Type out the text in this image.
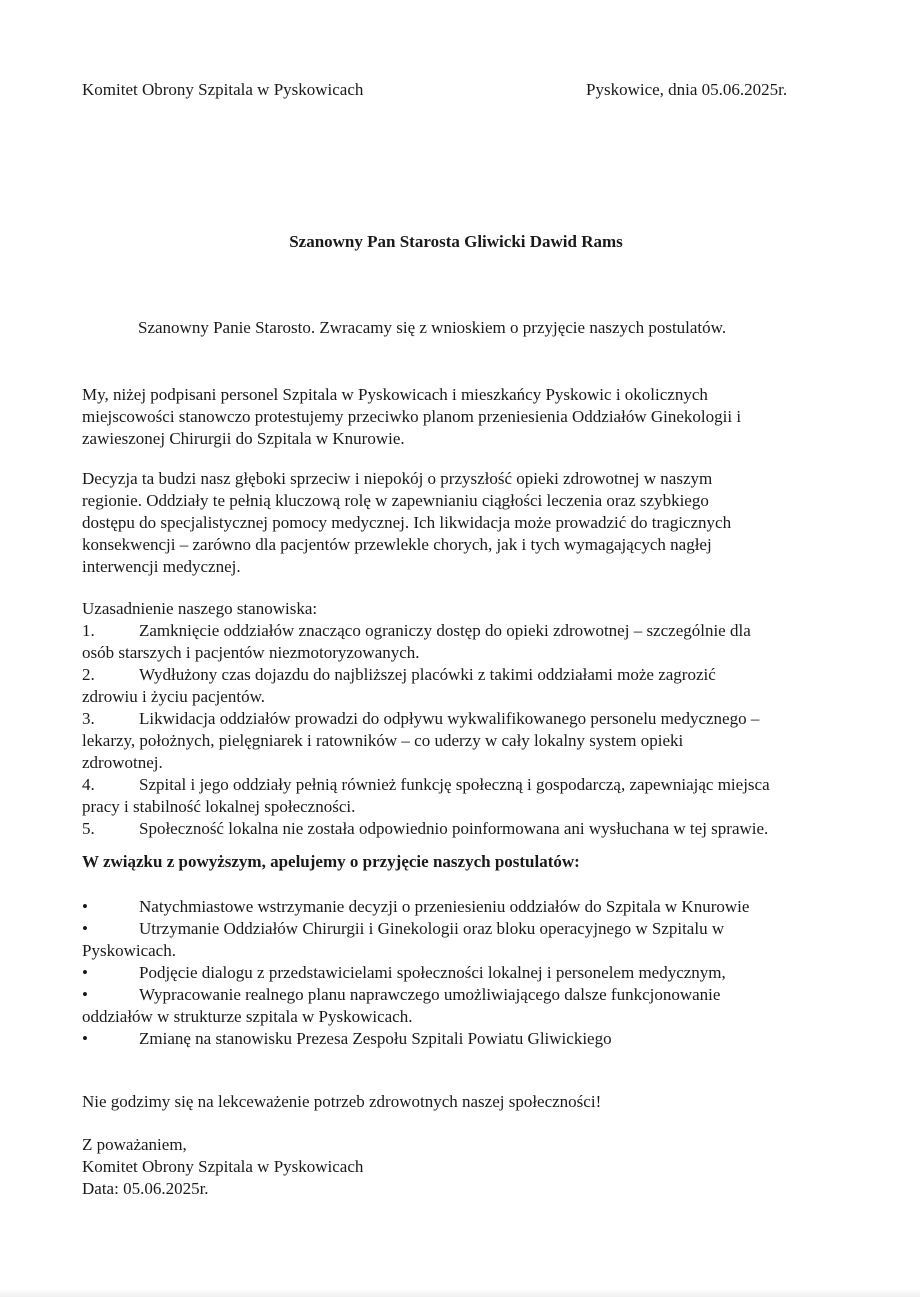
Komitet Obrony Szpitala w Pyskowicach	Pyskowice, dnia 05.06.2025r.
Szanowny Pan Starosta Gliwicki Dawid Rams
Szanowny Panie Starosto. Zwracamy się z wnioskiem o przyjęcie naszych postulatów.
My, niżej podpisani personel Szpitala w Pyskowicach i mieszkańcy Pyskowic i okolicznych
miejscowości stanowczo protestujemy przeciwko planom przeniesienia Oddziałów Ginekologii i
zawieszonej Chirurgii do Szpitala w Knurowie.
Decyzja ta budzi nasz głęboki sprzeciw i niepokój o przyszłość opieki zdrowotnej w naszym
regionie. Oddziały te pełnią kluczową rolę w zapewnianiu ciągłości leczenia oraz szybkiego
dostępu do specjalistycznej pomocy medycznej. Ich likwidacja może prowadzić do tragicznych
konsekwencji – zarówno dla pacjentów przewlekle chorych, jak i tych wymagających nagłej
interwencji medycznej.
Uzasadnienie naszego stanowiska:
1.	Zamknięcie oddziałów znacząco ograniczy dostęp do opieki zdrowotnej – szczególnie dla
osób starszych i pacjentów niezmotoryzowanych.
2.	Wydłużony czas dojazdu do najbliższej placówki z takimi oddziałami może zagrozić
zdrowiu i życiu pacjentów.
3.	Likwidacja oddziałów prowadzi do odpływu wykwalifikowanego personelu medycznego –
lekarzy, położnych, pielęgniarek i ratowników – co uderzy w cały lokalny system opieki
zdrowotnej.
4.	Szpital i jego oddziały pełnią również funkcję społeczną i gospodarczą, zapewniając miejsca
pracy i stabilność lokalnej społeczności.
5.	Społeczność lokalna nie została odpowiednio poinformowana ani wysłuchana w tej sprawie.
W związku z powyższym, apelujemy o przyjęcie naszych postulatów:
•	Natychmiastowe wstrzymanie decyzji o przeniesieniu oddziałów do Szpitala w Knurowie
•	Utrzymanie Oddziałów Chirurgii i Ginekologii oraz bloku operacyjnego w Szpitalu w
Pyskowicach.
•	Podjęcie dialogu z przedstawicielami społeczności lokalnej i personelem medycznym,
•	Wypracowanie realnego planu naprawczego umożliwiającego dalsze funkcjonowanie
oddziałów w strukturze szpitala w Pyskowicach.
•	Zmianę na stanowisku Prezesa Zespołu Szpitali Powiatu Gliwickiego
Nie godzimy się na lekceważenie potrzeb zdrowotnych naszej społeczności!
Z poważaniem,
Komitet Obrony Szpitala w Pyskowicach
Data: 05.06.2025r.
